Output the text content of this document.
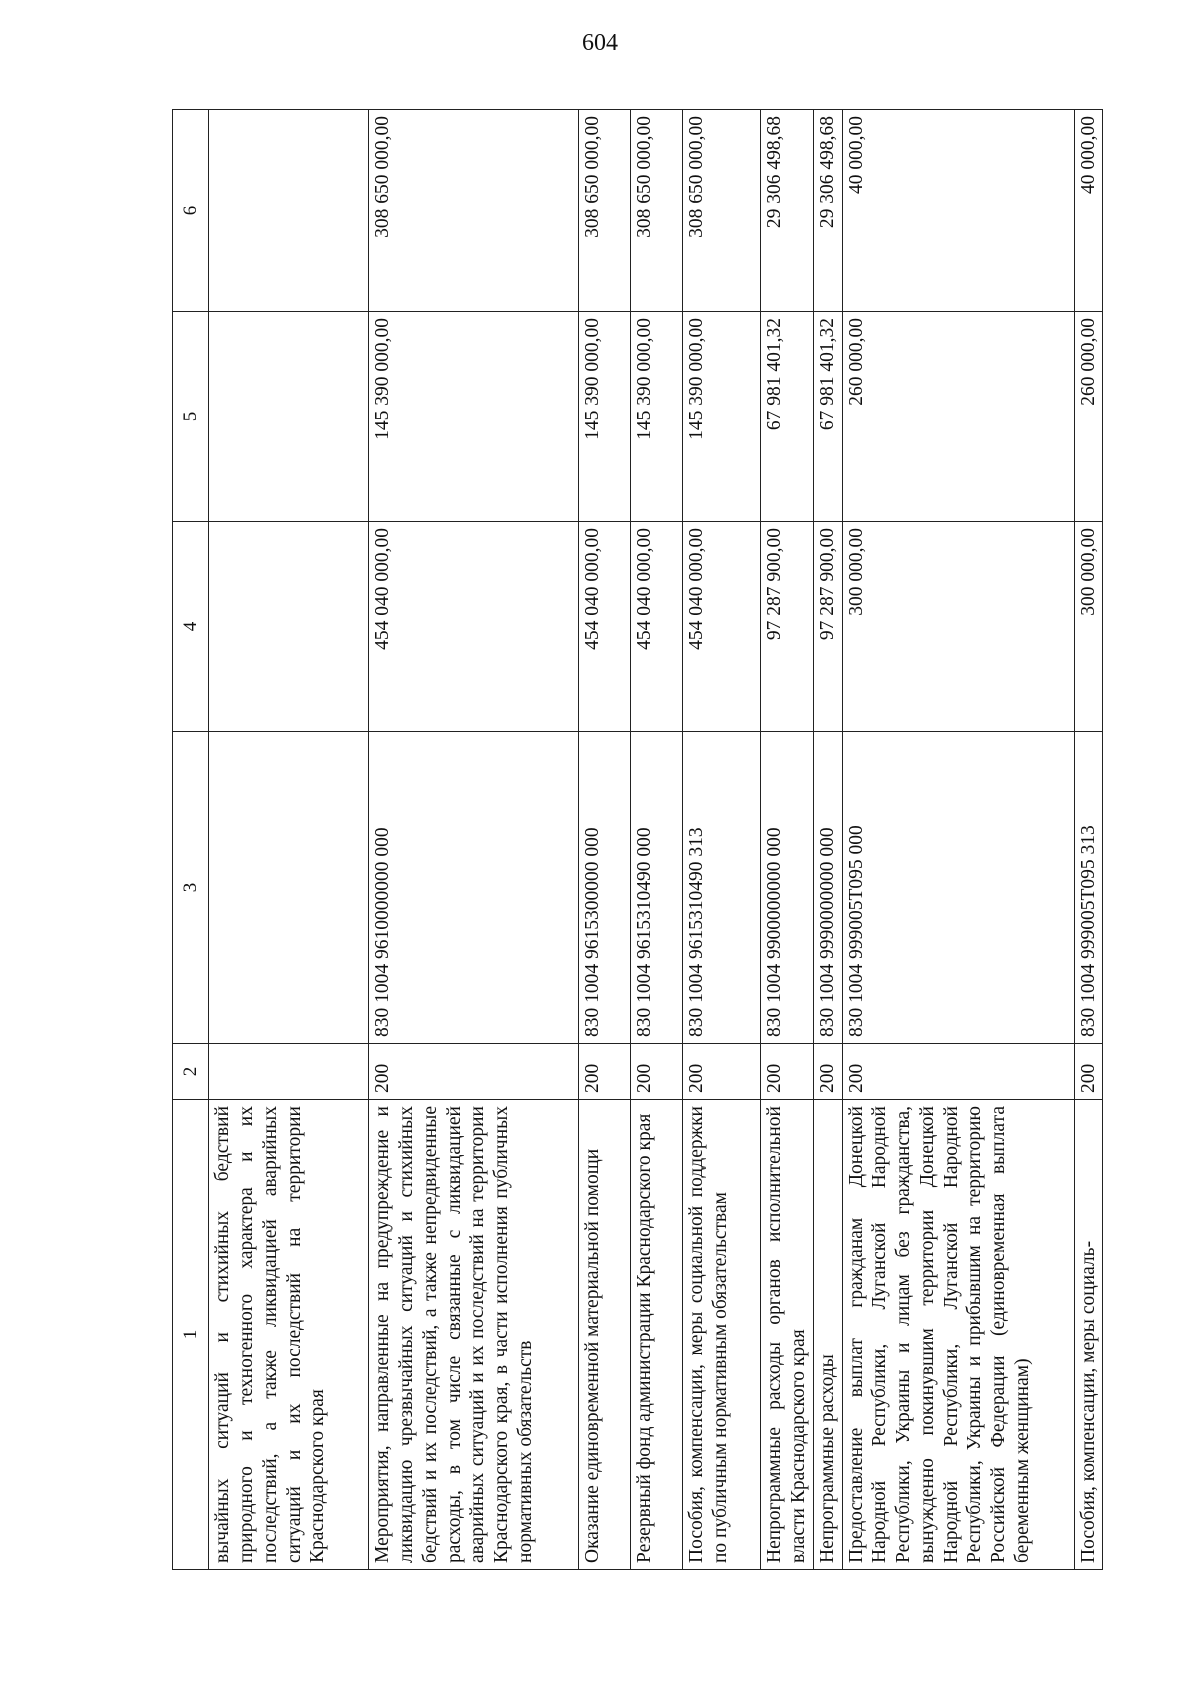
604
1	2	3	4	5	6
вычайных ситуаций и стихийных бедствий природного и техногенного характера и их последствий, а также ликвидацией аварийных ситуаций и их последствий на территории Краснодарского края					
Мероприятия, направленные на предупреждение и ликвидацию чрезвычайных ситуаций и стихийных бедствий и их последствий, а также непредвиденные расходы, в том числе связанные с ликвидацией аварийных ситуаций и их последствий на территории Краснодарского края, в части исполнения публичных нормативных обязательств	200	830 1004 9610000000 000	454 040 000,00	145 390 000,00	308 650 000,00
Оказание единовременной материальной помощи	200	830 1004 9615300000 000	454 040 000,00	145 390 000,00	308 650 000,00
Резервный фонд администрации Краснодарского края	200	830 1004 9615310490 000	454 040 000,00	145 390 000,00	308 650 000,00
Пособия, компенсации, меры социальной поддержки по публичным нормативным обязательствам	200	830 1004 9615310490 313	454 040 000,00	145 390 000,00	308 650 000,00
Непрограммные расходы органов исполнительной власти Краснодарского края	200	830 1004 9900000000 000	97 287 900,00	67 981 401,32	29 306 498,68
Непрограммные расходы	200	830 1004 9990000000 000	97 287 900,00	67 981 401,32	29 306 498,68
Предоставление выплат гражданам Донецкой Народной Республики, Луганской Народной Республики, Украины и лицам без гражданства, вынужденно покинувшим территории Донецкой Народной Республики, Луганской Народной Республики, Украины и прибывшим на территорию Российской Федерации (единовременная выплата беременным женщинам)	200	830 1004 999005T095 000	300 000,00	260 000,00	40 000,00
Пособия, компенсации, меры социаль-	200	830 1004 999005T095 313	300 000,00	260 000,00	40 000,00
